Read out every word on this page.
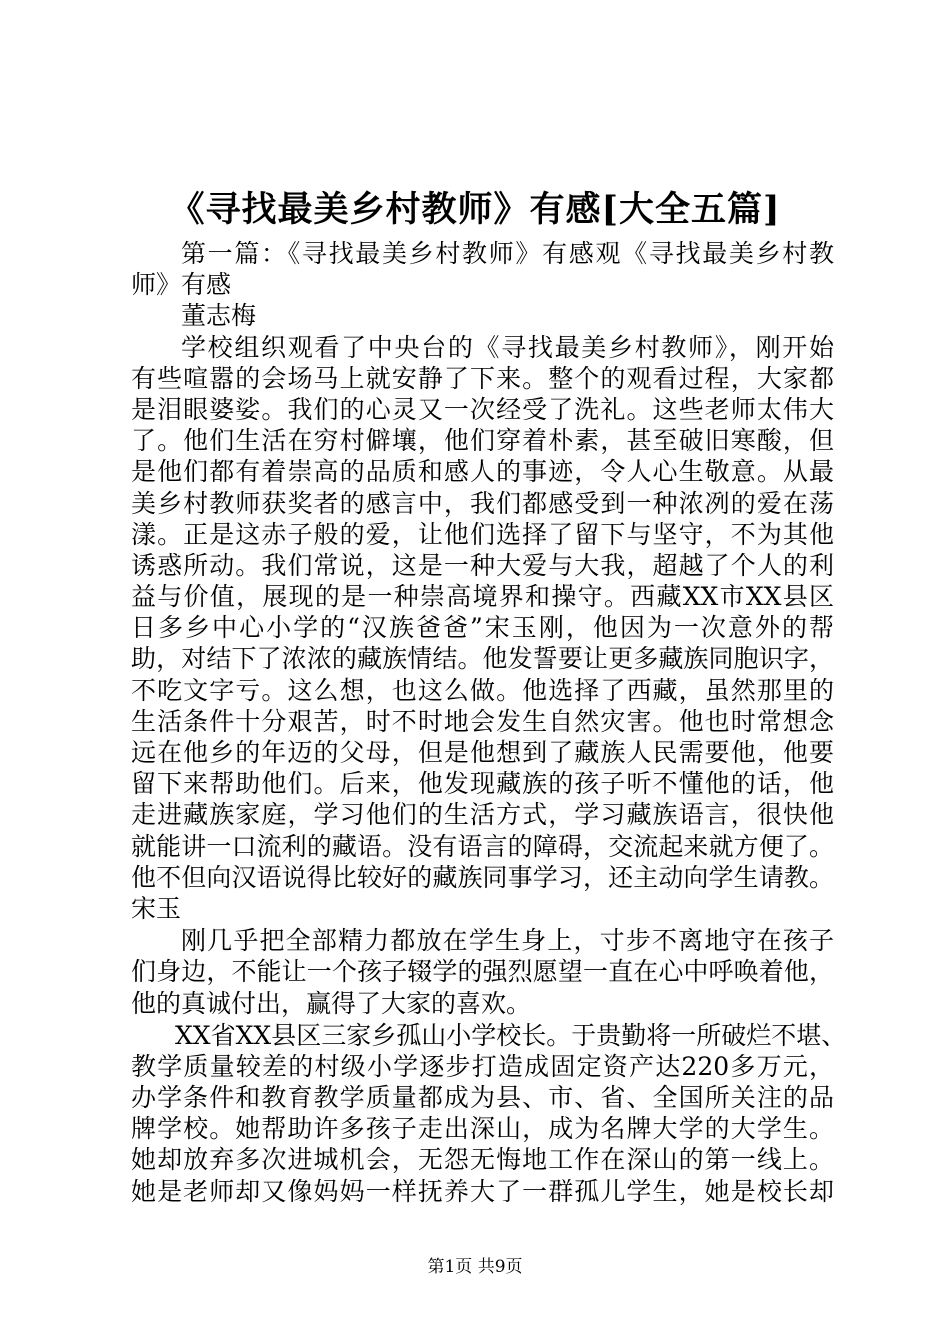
《寻找最美乡村教师》有感[大全五篇]

第一篇：《寻找最美乡村教师》有感观《寻找最美乡村教

师》有感

董志梅

学校组织观看了中央台的《寻找最美乡村教师》，刚开始

有些喧嚣的会场马上就安静了下来。整个的观看过程，大家都

是泪眼婆娑。我们的心灵又一次经受了洗礼。这些老师太伟大

了。他们生活在穷村僻壤，他们穿着朴素，甚至破旧寒酸，但

是他们都有着崇高的品质和感人的事迹，令人心生敬意。从最

美乡村教师获奖者的感言中，我们都感受到一种浓冽的爱在荡

漾。正是这赤子般的爱，让他们选择了留下与坚守，不为其他

诱惑所动。我们常说，这是一种大爱与大我，超越了个人的利

益与价值，展现的是一种崇高境界和操守。西藏XX市XX县区

日多乡中心小学的“汉族爸爸”宋玉刚，他因为一次意外的帮

助，对结下了浓浓的藏族情结。他发誓要让更多藏族同胞识字，

不吃文字亏。这么想，也这么做。他选择了西藏，虽然那里的

生活条件十分艰苦，时不时地会发生自然灾害。他也时常想念

远在他乡的年迈的父母，但是他想到了藏族人民需要他，他要

留下来帮助他们。后来，他发现藏族的孩子听不懂他的话，他

走进藏族家庭，学习他们的生活方式，学习藏族语言，很快他

就能讲一口流利的藏语。没有语言的障碍，交流起来就方便了。

他不但向汉语说得比较好的藏族同事学习，还主动向学生请教。

宋玉

刚几乎把全部精力都放在学生身上，寸步不离地守在孩子

们身边，不能让一个孩子辍学的强烈愿望一直在心中呼唤着他，

他的真诚付出，赢得了大家的喜欢。

XX省XX县区三家乡孤山小学校长。于贵勤将一所破烂不堪、

教学质量较差的村级小学逐步打造成固定资产达220多万元，

办学条件和教育教学质量都成为县、市、省、全国所关注的品

牌学校。她帮助许多孩子走出深山，成为名牌大学的大学生。

她却放弃多次进城机会，无怨无悔地工作在深山的第一线上。

她是老师却又像妈妈一样抚养大了一群孤儿学生，她是校长却

第1页 共9页
